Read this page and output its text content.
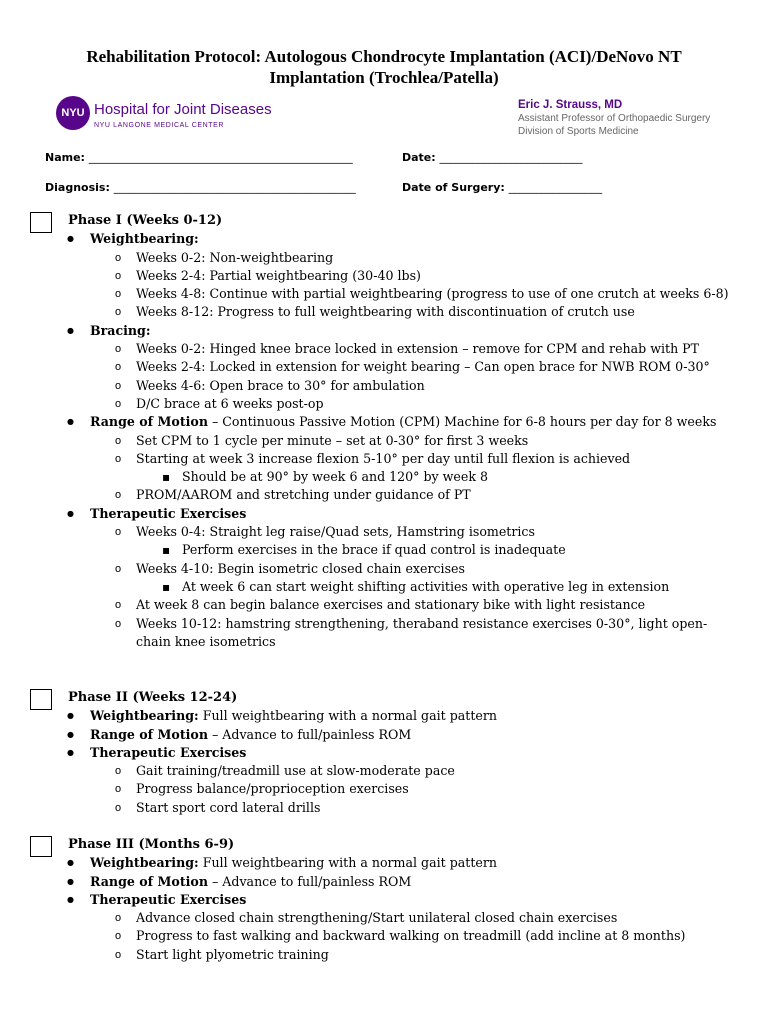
Rehabilitation Protocol: Autologous Chondrocyte Implantation (ACI)/DeNovo NT
Implantation (Trochlea/Patella)
NYU Hospital for Joint Diseases
NYU LANGONE MEDICAL CENTER
Eric J. Strauss, MD
Assistant Professor of Orthopaedic Surgery
Division of Sports Medicine
Name: ________________________________________________	Date: __________________________
Diagnosis: ____________________________________________	Date of Surgery: _________________
Phase I (Weeks 0-12)
● Weightbearing:
o Weeks 0-2: Non-weightbearing
o Weeks 2-4: Partial weightbearing (30-40 lbs)
o Weeks 4-8: Continue with partial weightbearing (progress to use of one crutch at weeks 6-8)
o Weeks 8-12: Progress to full weightbearing with discontinuation of crutch use
● Bracing:
o Weeks 0-2: Hinged knee brace locked in extension – remove for CPM and rehab with PT
o Weeks 2-4: Locked in extension for weight bearing – Can open brace for NWB ROM 0-30°
o Weeks 4-6: Open brace to 30° for ambulation
o D/C brace at 6 weeks post-op
● Range of Motion – Continuous Passive Motion (CPM) Machine for 6-8 hours per day for 8 weeks
o Set CPM to 1 cycle per minute – set at 0-30° for first 3 weeks
o Starting at week 3 increase flexion 5-10° per day until full flexion is achieved
▪ Should be at 90° by week 6 and 120° by week 8
o PROM/AAROM and stretching under guidance of PT
● Therapeutic Exercises
o Weeks 0-4: Straight leg raise/Quad sets, Hamstring isometrics
▪ Perform exercises in the brace if quad control is inadequate
o Weeks 4-10: Begin isometric closed chain exercises
▪ At week 6 can start weight shifting activities with operative leg in extension
o At week 8 can begin balance exercises and stationary bike with light resistance
o Weeks 10-12: hamstring strengthening, theraband resistance exercises 0-30°, light open-chain knee isometrics
Phase II (Weeks 12-24)
● Weightbearing: Full weightbearing with a normal gait pattern
● Range of Motion – Advance to full/painless ROM
● Therapeutic Exercises
o Gait training/treadmill use at slow-moderate pace
o Progress balance/proprioception exercises
o Start sport cord lateral drills
Phase III (Months 6-9)
● Weightbearing: Full weightbearing with a normal gait pattern
● Range of Motion – Advance to full/painless ROM
● Therapeutic Exercises
o Advance closed chain strengthening/Start unilateral closed chain exercises
o Progress to fast walking and backward walking on treadmill (add incline at 8 months)
o Start light plyometric training
